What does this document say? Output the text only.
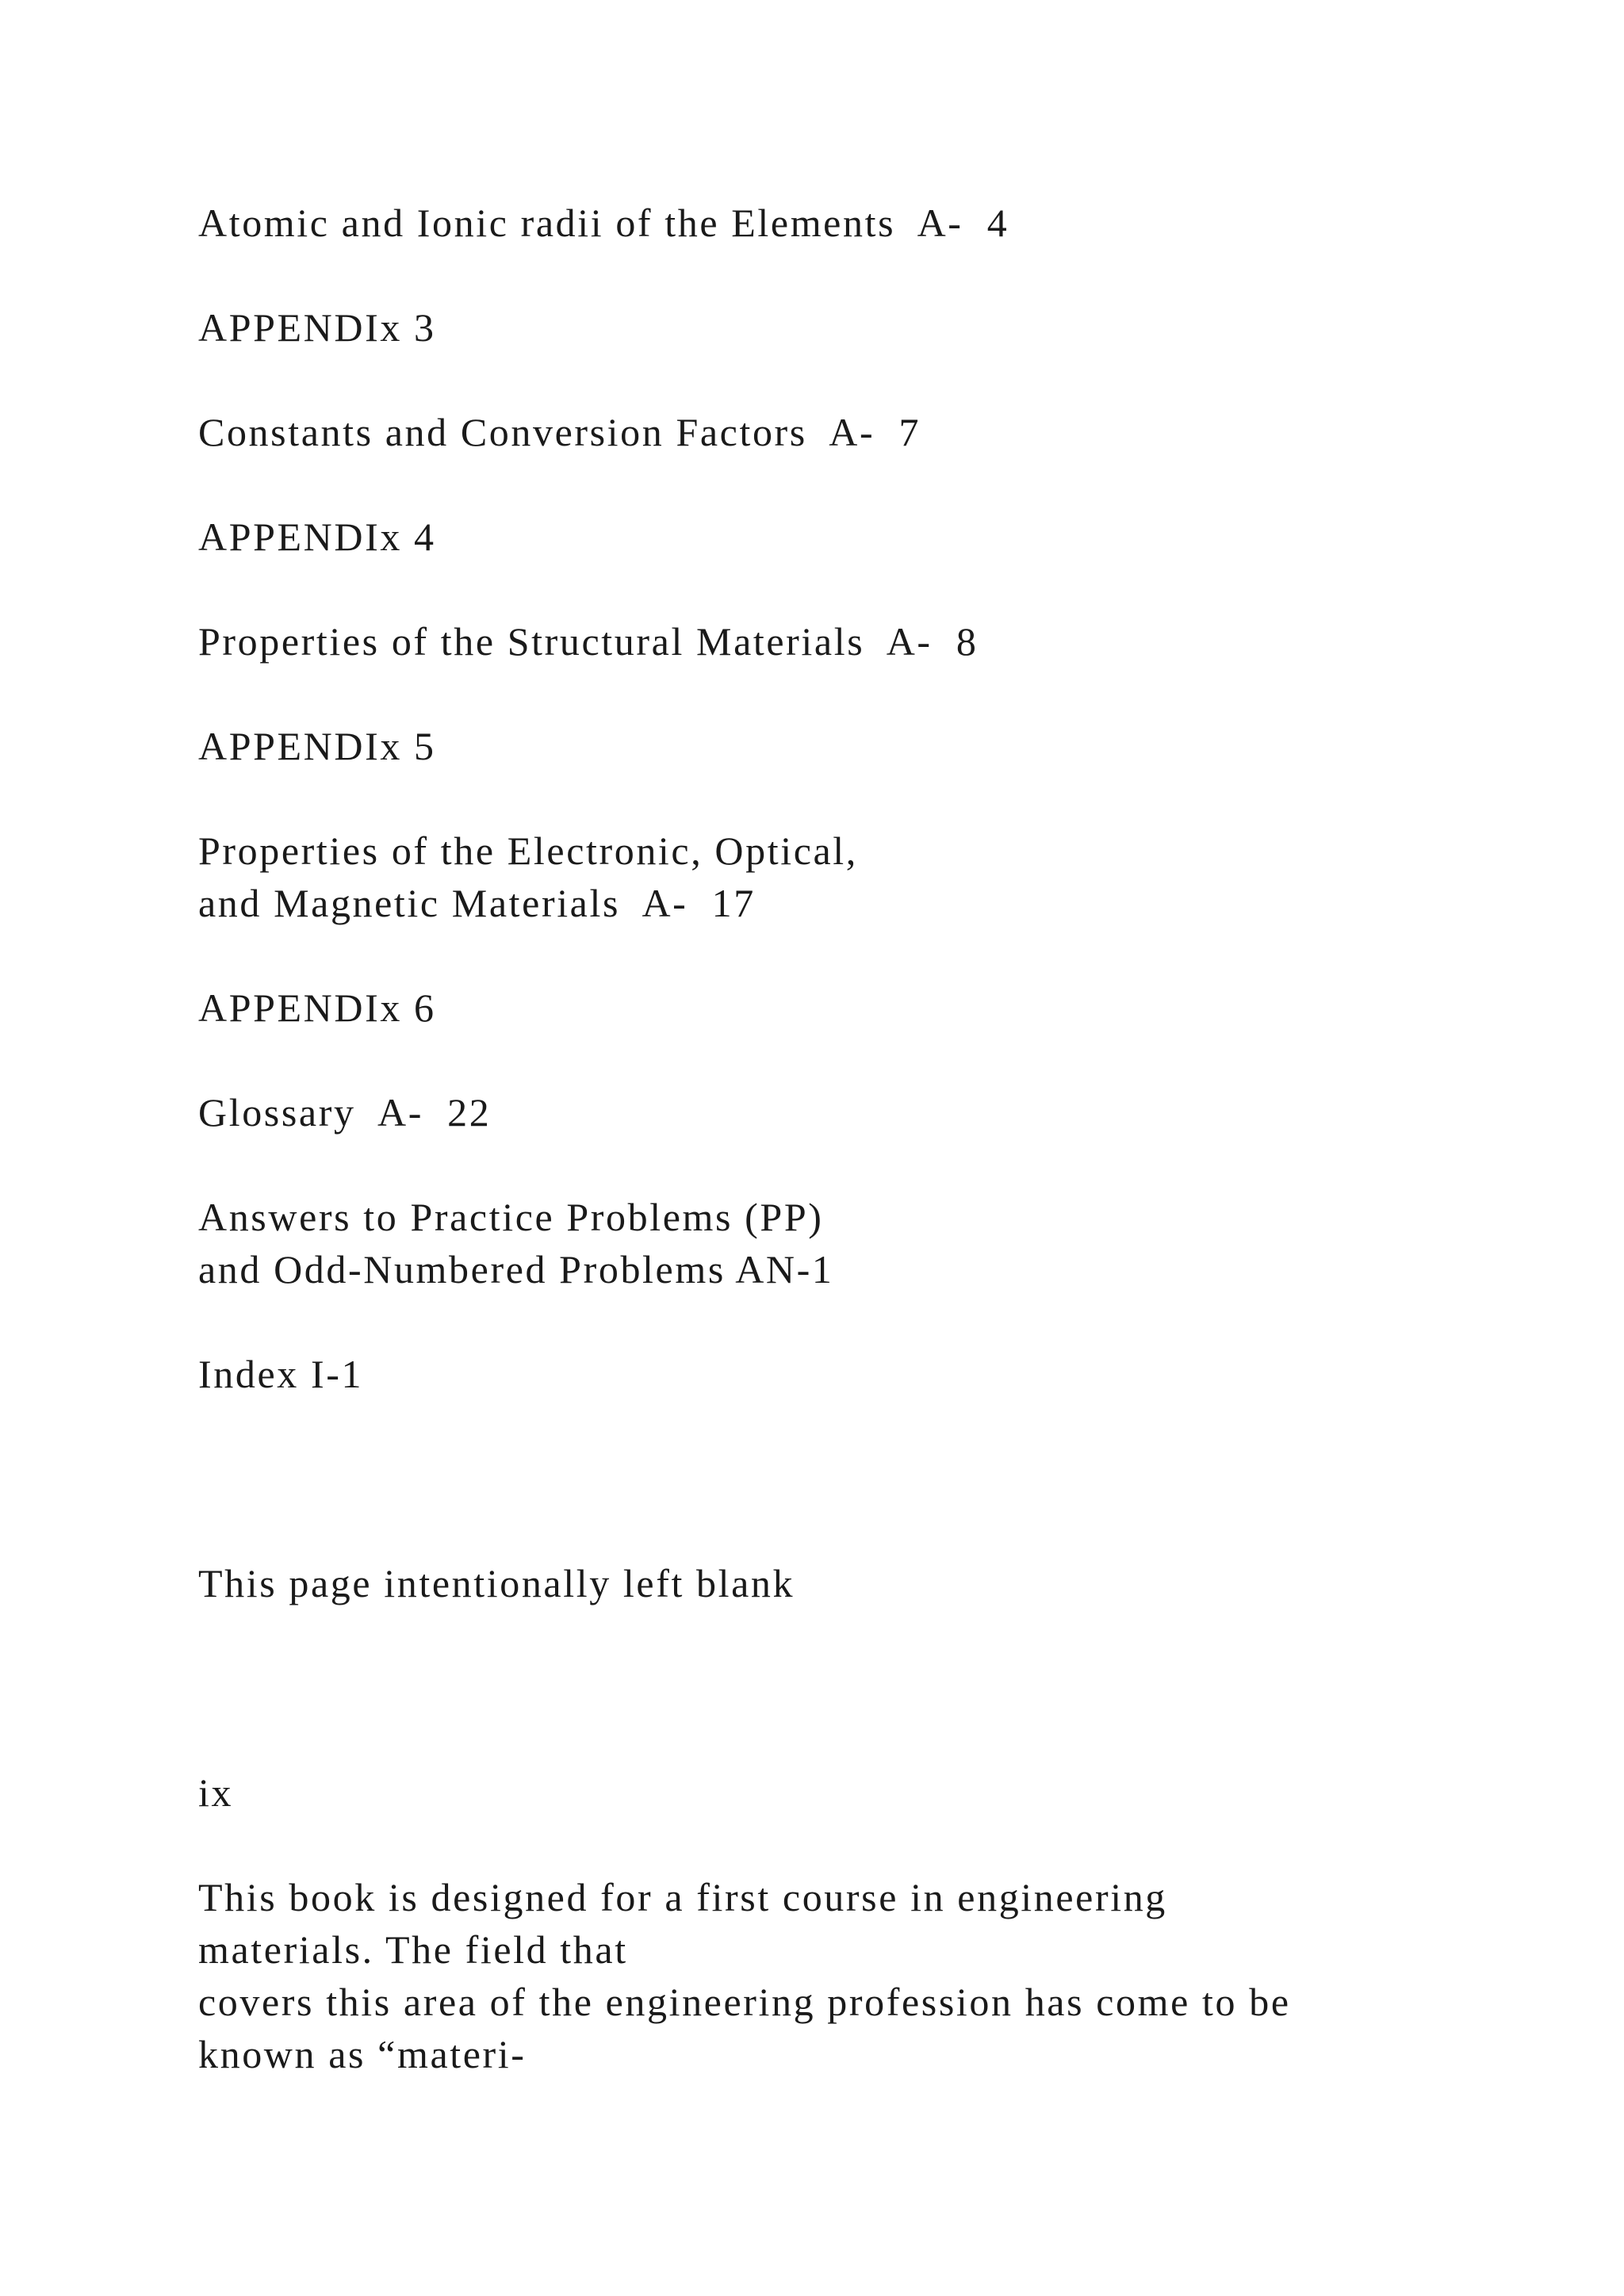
Atomic and Ionic radii of the Elements  A-  4

APPENDIx 3

Constants and Conversion Factors  A-  7

APPENDIx 4

Properties of the Structural Materials  A-  8

APPENDIx 5

Properties of the Electronic, Optical,
and Magnetic Materials  A-  17

APPENDIx 6

Glossary  A-  22

Answers to Practice Problems (PP)
and Odd-Numbered Problems AN-1

Index I-1

This page intentionally left blank

ix

This book is designed for a first course in engineering
materials. The field that
covers this area of the engineering profession has come to be
known as “materi-
